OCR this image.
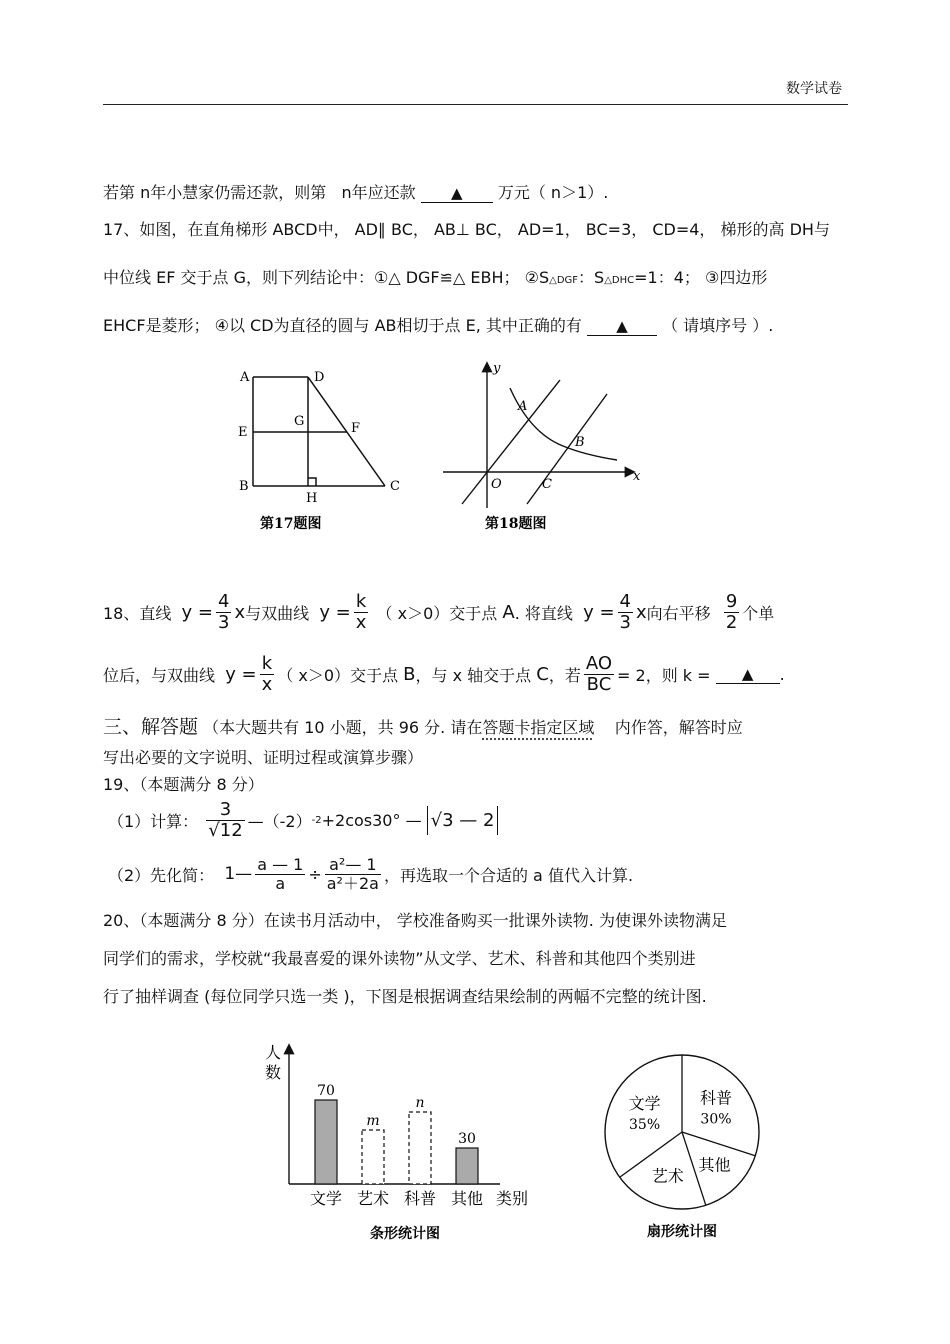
数学试卷
若第 n年小慧家仍需还款，则第 n年应还款 ▲ 万元（ n＞1）.
17、如图，在直角梯形 ABCD中， AD∥ BC， AB⊥ BC， AD=1， BC=3， CD=4， 梯形的高 DH与
中位线 EF 交于点 G，则下列结论中：①△ DGF≌△ EBH； ②S△DGF：S△DHC=1：4； ③四边形
EHCF是菱形； ④以 CD为直径的圆与 AB相切于点 E, 其中正确的有 ▲ （ 请填序号 ）.
A	D
E
G	F
B
H
C
第17题图
y
A
B
O	C
x
第18题图
18、直线
$y = \frac{4}{3}$ x 与双曲线
$y = \frac{k}{x}$
（ x＞0） 交于点
A . 将直线
$y = \frac{4}{3}$ x 向右平移
$\frac{9}{2}$ 个单
位后，与双曲线
$y = \frac{k}{x}$ （ x＞0） 交于点
B ，与 x 轴交于点
C ，若 $\frac{AO}{BC} = 2$，则 k =
	▲	.
三、解答题 （本大题共有 10 小题，共 96 分. 请在答题卡指定区域 内作答，解答时应
写出必要的文字说明、证明过程或演算步骤）
19、（本题满分 8 分）
（1）计算：
$\frac{3}{√12}$ —（-2） -2 +2cos30° —
√3 — 2
（2）先化简：
1— $\frac{a — 1}{a} \div \frac{\text{a²— 1}}{\text{a²＋2a}}$ ，再选取一个合适的 a 值代入计算.
20、（本题满分 8 分）在读书月活动中， 学校准备购买一批课外读物. 为使课外读物满足
同学们的需求，学校就“我最喜爱的课外读物”从文学、艺术、科普和其他四个类别进
行了抽样调查 (每位同学只选一类 )，下图是根据调查结果绘制的两幅不完整的统计图.
人
数
类别
条形统计图
70
文学
m
艺术
n
科普
30
其他
扇形统计图
科普
30%
其他
艺术
文学
35%
